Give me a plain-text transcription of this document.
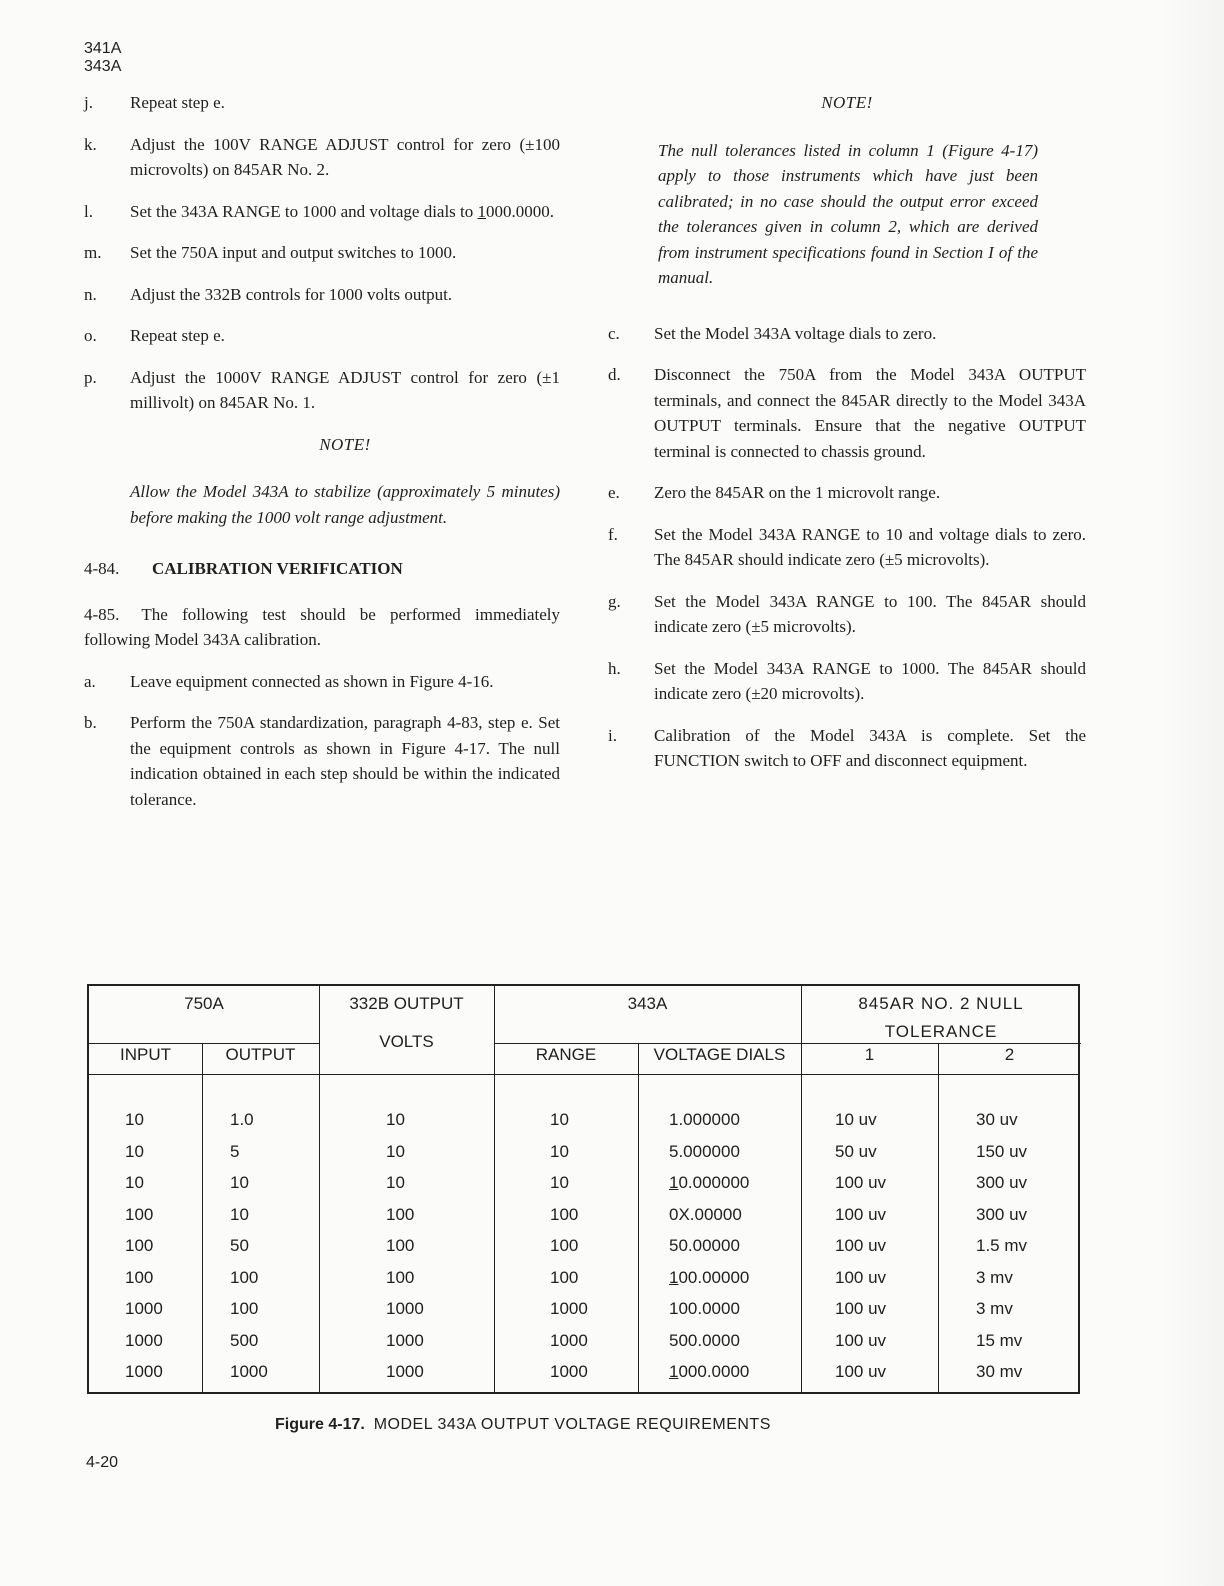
341A
343A
j.	Repeat step e.
k.	Adjust the 100V RANGE ADJUST control for zero (±100 microvolts) on 845AR No. 2.
l.	Set the 343A RANGE to 1000 and voltage dials to 1000.0000.
m.	Set the 750A input and output switches to 1000.
n.	Adjust the 332B controls for 1000 volts output.
o.	Repeat step e.
p.	Adjust the 1000V RANGE ADJUST control for zero (±1 millivolt) on 845AR No. 1.
NOTE!
Allow the Model 343A to stabilize (approximately 5 minutes) before making the 1000 volt range adjustment.
4-84.	CALIBRATION VERIFICATION
4-85. The following test should be performed immediately following Model 343A calibration.
a.	Leave equipment connected as shown in Figure 4-16.
b.	Perform the 750A standardization, paragraph 4-83, step e. Set the equipment controls as shown in Figure 4-17. The null indication obtained in each step should be within the indicated tolerance.
NOTE!
The null tolerances listed in column 1 (Figure 4-17) apply to those instruments which have just been calibrated; in no case should the output error exceed the tolerances given in column 2, which are derived from instrument specifications found in Section I of the manual.
c.	Set the Model 343A voltage dials to zero.
d.	Disconnect the 750A from the Model 343A OUTPUT terminals, and connect the 845AR directly to the Model 343A OUTPUT terminals. Ensure that the negative OUTPUT terminal is connected to chassis ground.
e.	Zero the 845AR on the 1 microvolt range.
f.	Set the Model 343A RANGE to 10 and voltage dials to zero. The 845AR should indicate zero (±5 microvolts).
g.	Set the Model 343A RANGE to 100. The 845AR should indicate zero (±5 microvolts).
h.	Set the Model 343A RANGE to 1000. The 845AR should indicate zero (±20 microvolts).
i.	Calibration of the Model 343A is complete. Set the FUNCTION switch to OFF and disconnect equipment.
750A	332B OUTPUT
VOLTS
343A	845AR NO. 2 NULL
TOLERANCE
INPUT	OUTPUT	RANGE	VOLTAGE DIALS	1	2
10	1.0	10	10	1.000000	10 uv	30 uv
10	5	10	10	5.000000	50 uv	150 uv
10	10	10	10	10.000000	100 uv	300 uv
100	10	100	100	0X.00000	100 uv	300 uv
100	50	100	100	50.00000	100 uv	1.5 mv
100	100	100	100	100.00000	100 uv	3 mv
1000	100	1000	1000	100.0000	100 uv	3 mv
1000	500	1000	1000	500.0000	100 uv	15 mv
1000	1000	1000	1000	1000.0000	100 uv	30 mv
Figure 4-17. MODEL 343A OUTPUT VOLTAGE REQUIREMENTS
4-20
